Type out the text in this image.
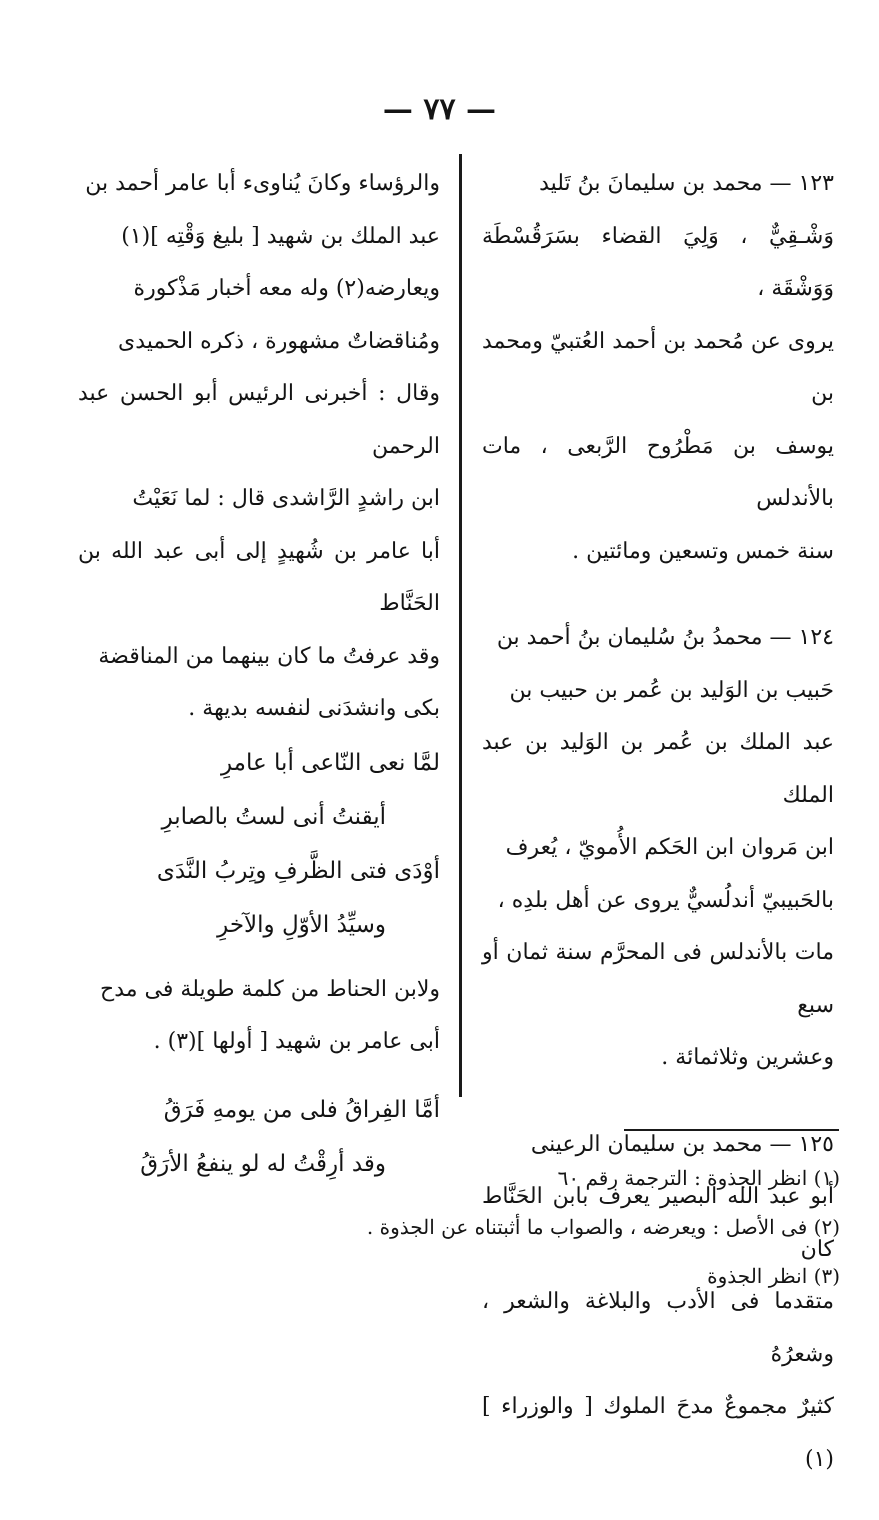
— ٧٧ —

١٢٣ — محمد بن سليمانَ بنُ تَليد

وَشْـقِيٌّ ، وَلِيَ القضاء بسَرَقُسْطَة وَوَشْقَة ،

يروى عن مُحمد بن أحمد العُتبيّ ومحمد بن

يوسف بن مَطْرُوح الرَّبعى ، مات بالأندلس

سنة خمس وتسعين ومائتين .

١٢٤ — محمدُ بنُ سُليمان بنُ أحمد بن

حَبيب بن الوَليد بن عُمر بن حبيب بن

عبد الملك بن عُمر بن الوَليد بن عبد الملك

ابن مَروان ابن الحَكم الأُمويّ ، يُعرف

بالحَبيبيّ أندلُسيٌّ يروى عن أهل بلدِه ،

مات بالأندلس فى المحرَّم سنة ثمان أو سبع

وعشرين وثلاثمائة .

١٢٥ — محمد بن سليمان الرعينى

أبو عبد الله البصير يعرف بابن الحَنَّاط كان

متقدما فى الأدب والبلاغة والشعر ، وشعرُهُ

كثيرٌ مجموعٌ مدحَ الملوك [ والوزراء ](١)

والرؤساء وكانَ يُناوىء أبا عامر أحمد بن

عبد الملك بن شهيد [ بليغ وَقْتِه ](١)

ويعارضه(٢) وله معه أخبار مَذْكورة

ومُناقضاتٌ مشهورة ، ذكره الحميدى

وقال : أخبرنى الرئيس أبو الحسن عبد الرحمن

ابن راشدٍ الرَّاشدى قال : لما نَعَيْتُ

أبا عامر بن شُهيدٍ إلى أبى عبد الله بن الحَنَّاط

وقد عرفتُ ما كان بينهما من المناقضة

بكى وانشدَنى لنفسه بديهة .

لمَّا نعى النّاعى أبا عامرِ

أيقنتُ أنى لستُ بالصابرِ

أوْدَى فتى الظَّرفِ وتِربُ النَّدَى

وسيِّدُ الأوّلِ والآخرِ

ولابن الحناط من كلمة طويلة فى مدح

أبى عامر بن شهيد [ أولها ](٣) .

أمَّا الفِراقُ فلى من يومهِ فَرَقُ

وقد أرِقْتُ له لو ينفعُ الأرَقُ

(١) انظر الجذوة : الترجمة رقم ٦٠

(٢) فى الأصل : ويعرضه ، والصواب ما أثبتناه عن الجذوة .

(٣) انظر الجذوة
